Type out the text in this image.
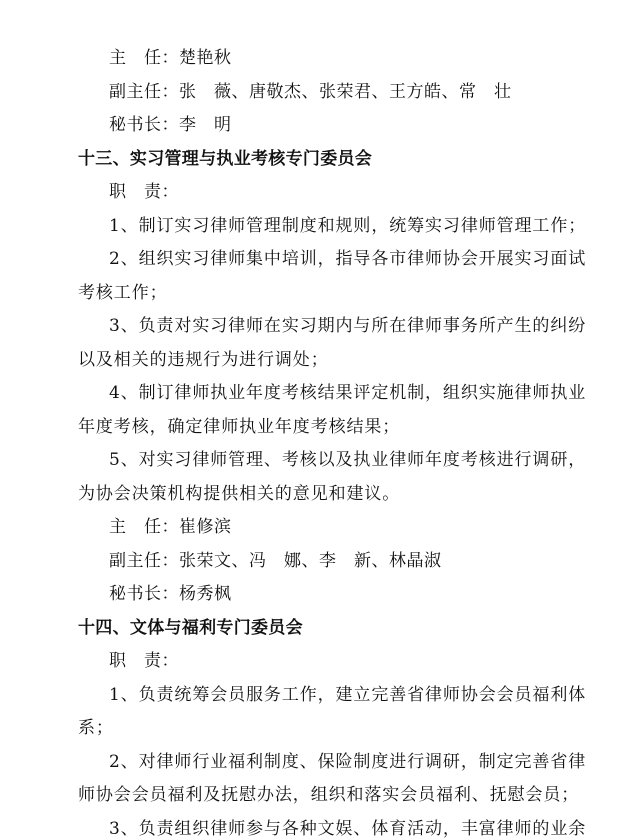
主　任：楚艳秋
副主任：张　薇、唐敬杰、张荣君、王方皓、常　壮
秘书长：李　明
十三、实习管理与执业考核专门委员会
职　责：
1、制订实习律师管理制度和规则，统筹实习律师管理工作；
2、组织实习律师集中培训，指导各市律师协会开展实习面试
考核工作；
3、负责对实习律师在实习期内与所在律师事务所产生的纠纷
以及相关的违规行为进行调处；
4、制订律师执业年度考核结果评定机制，组织实施律师执业
年度考核，确定律师执业年度考核结果；
5、对实习律师管理、考核以及执业律师年度考核进行调研，
为协会决策机构提供相关的意见和建议。
主　任：崔修滨
副主任：张荣文、冯　娜、李　新、林晶淑
秘书长：杨秀枫
十四、文体与福利专门委员会
职　责：
1、负责统筹会员服务工作，建立完善省律师协会会员福利体
系；
2、对律师行业福利制度、保险制度进行调研，制定完善省律
师协会会员福利及抚慰办法，组织和落实会员福利、抚慰会员；
3、负责组织律师参与各种文娱、体育活动，丰富律师的业余
